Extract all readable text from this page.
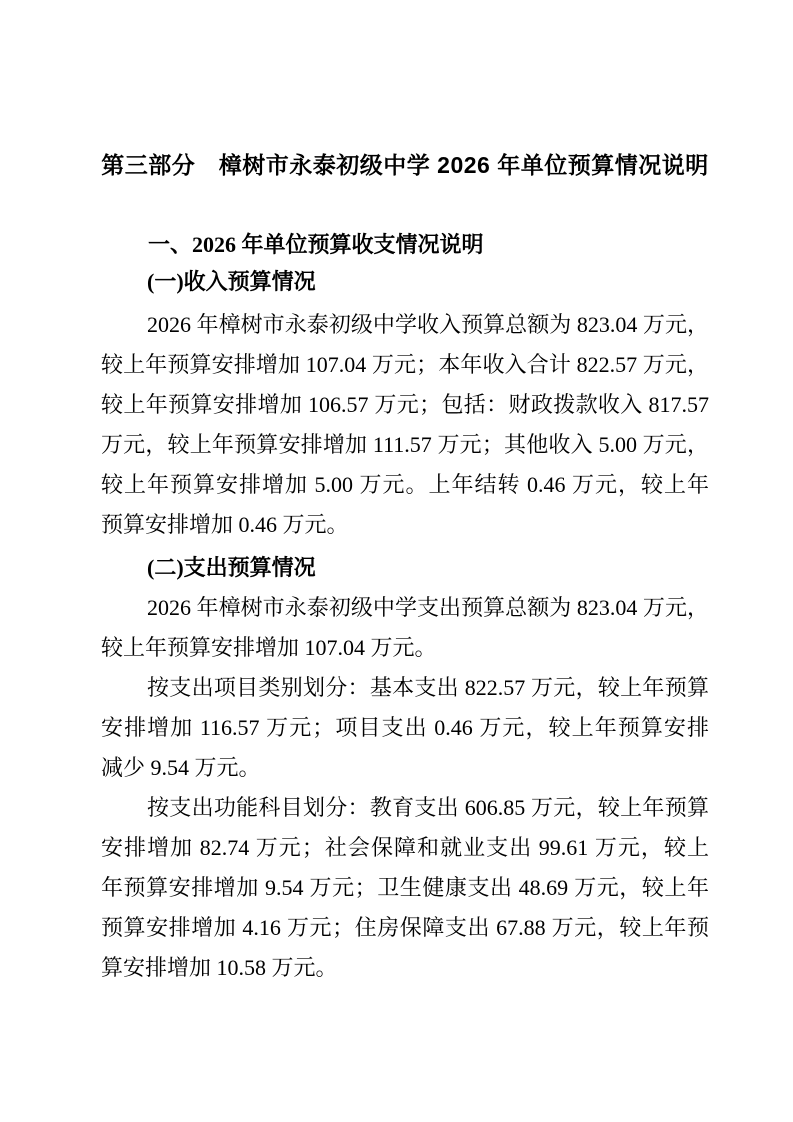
第三部分　樟树市永泰初级中学 2026 年单位预算情况说明
一、2026 年单位预算收支情况说明
(一)收入预算情况
2026 年樟树市永泰初级中学收入预算总额为 823.04 万元，
较上年预算安排增加 107.04 万元；本年收入合计 822.57 万元，
较上年预算安排增加 106.57 万元；包括：财政拨款收入 817.57
万元，较上年预算安排增加 111.57 万元；其他收入 5.00 万元，
较上年预算安排增加 5.00 万元。上年结转 0.46 万元，较上年
预算安排增加 0.46 万元。
(二)支出预算情况
2026 年樟树市永泰初级中学支出预算总额为 823.04 万元，
较上年预算安排增加 107.04 万元。
按支出项目类别划分：基本支出 822.57 万元，较上年预算
安排增加 116.57 万元；项目支出 0.46 万元，较上年预算安排
减少 9.54 万元。
按支出功能科目划分：教育支出 606.85 万元，较上年预算
安排增加 82.74 万元；社会保障和就业支出 99.61 万元，较上
年预算安排增加 9.54 万元；卫生健康支出 48.69 万元，较上年
预算安排增加 4.16 万元；住房保障支出 67.88 万元，较上年预
算安排增加 10.58 万元。
